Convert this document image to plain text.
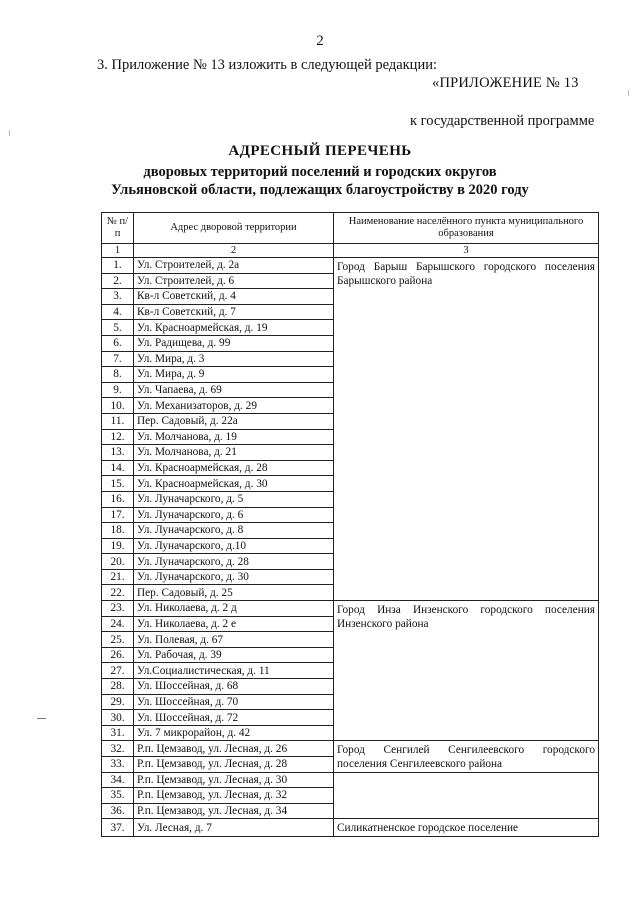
2
3. Приложение № 13 изложить в следующей редакции:
«ПРИЛОЖЕНИЕ № 13
к государственной программе
АДРЕСНЫЙ ПЕРЕЧЕНЬ
дворовых территорий поселений и городских округов
Ульяновской области, подлежащих благоустройству в 2020 году
№ п/п	Адрес дворовой территории	Наименование населённого пункта муниципального образования
1	2	3
1.	Ул. Строителей, д. 2а	Город Барыш Барышского городского поселения Барышского района
2.	Ул. Строителей, д. 6	
3.	Кв-л Советский, д. 4	
4.	Кв-л Советский, д. 7	
5.	Ул. Красноармейская, д. 19	
6.	Ул. Радищева, д. 99	
7.	Ул. Мира, д. 3	
8.	Ул. Мира, д. 9	
9.	Ул. Чапаева, д. 69	
10.	Ул. Механизаторов, д. 29	
11.	Пер. Садовый, д. 22а	
12.	Ул. Молчанова, д. 19	
13.	Ул. Молчанова, д. 21	
14.	Ул. Красноармейская, д. 28	
15.	Ул. Красноармейская, д. 30	
16.	Ул. Луначарского, д. 5	
17.	Ул. Луначарского, д. 6	
18.	Ул. Луначарского, д. 8	
19.	Ул. Луначарского, д.10	
20.	Ул. Луначарского, д. 28	
21.	Ул. Луначарского, д. 30	
22.	Пер. Садовый, д. 25	
23.	Ул. Николаева, д. 2 д	Город Инза Инзенского городского поселения Инзенского района
24.	Ул. Николаева, д. 2 е	
25.	Ул. Полевая, д. 67	
26.	Ул. Рабочая, д. 39	
27.	Ул.Социалистическая, д. 11	
28.	Ул. Шоссейная, д. 68	
29.	Ул. Шоссейная, д. 70	
30.	Ул. Шоссейная, д. 72	
31.	Ул. 7 микрорайон, д. 42	
32.	Р.п. Цемзавод, ул. Лесная, д. 26	Город Сенгилей Сенгилеевского городского поселения Сенгилеевского района
33.	Р.п. Цемзавод, ул. Лесная, д. 28	
34.	Р.п. Цемзавод, ул. Лесная, д. 30	
35.	Р.п. Цемзавод, ул. Лесная, д. 32	
36.	Р.п. Цемзавод, ул. Лесная, д. 34	
37.	Ул. Лесная, д. 7	Силикатненское городское поселение
